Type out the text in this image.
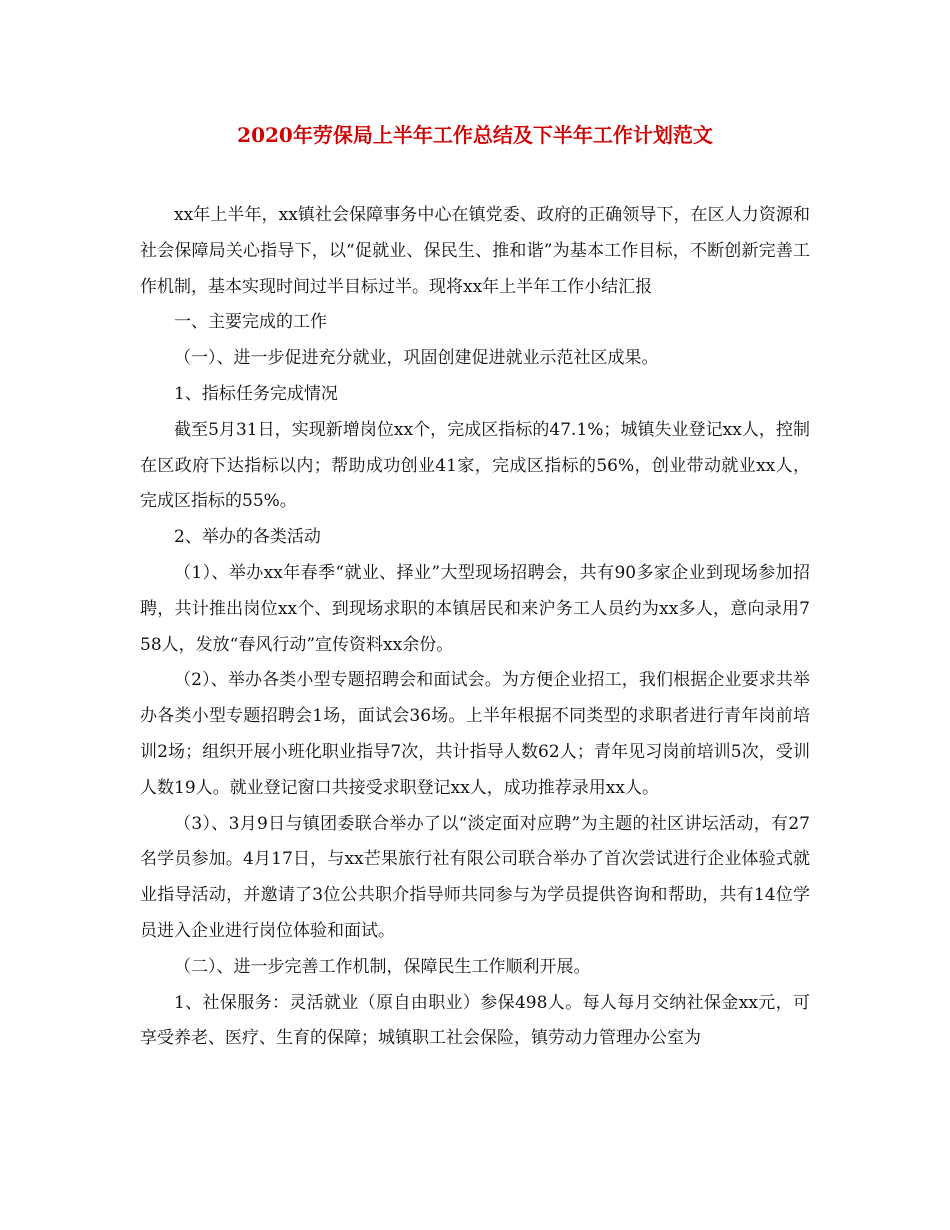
2020年劳保局上半年工作总结及下半年工作计划范文

xx年上半年，xx镇社会保障事务中心在镇党委、政府的正确领导下，在区人力资源和社会保障局关心指导下，以“促就业、保民生、推和谐”为基本工作目标，不断创新完善工作机制，基本实现时间过半目标过半。现将xx年上半年工作小结汇报

一、主要完成的工作

（一）、进一步促进充分就业，巩固创建促进就业示范社区成果。

1、指标任务完成情况

截至5月31日，实现新增岗位xx个，完成区指标的47.1%；城镇失业登记xx人，控制在区政府下达指标以内；帮助成功创业41家，完成区指标的56%，创业带动就业xx人，完成区指标的55%。

2、举办的各类活动

（1）、举办xx年春季“就业、择业”大型现场招聘会，共有90多家企业到现场参加招聘，共计推出岗位xx个、到现场求职的本镇居民和来沪务工人员约为xx多人，意向录用758人，发放“春风行动”宣传资料xx余份。

（2）、举办各类小型专题招聘会和面试会。为方便企业招工，我们根据企业要求共举办各类小型专题招聘会1场，面试会36场。上半年根据不同类型的求职者进行青年岗前培训2场；组织开展小班化职业指导7次，共计指导人数62人；青年见习岗前培训5次，受训人数19人。就业登记窗口共接受求职登记xx人，成功推荐录用xx人。

（3）、3月9日与镇团委联合举办了以“淡定面对应聘”为主题的社区讲坛活动，有27名学员参加。4月17日，与xx芒果旅行社有限公司联合举办了首次尝试进行企业体验式就业指导活动，并邀请了3位公共职介指导师共同参与为学员提供咨询和帮助，共有14位学员进入企业进行岗位体验和面试。

（二）、进一步完善工作机制，保障民生工作顺利开展。

1、社保服务：灵活就业（原自由职业）参保498人。每人每月交纳社保金xx元，可享受养老、医疗、生育的保障；城镇职工社会保险，镇劳动力管理办公室为
